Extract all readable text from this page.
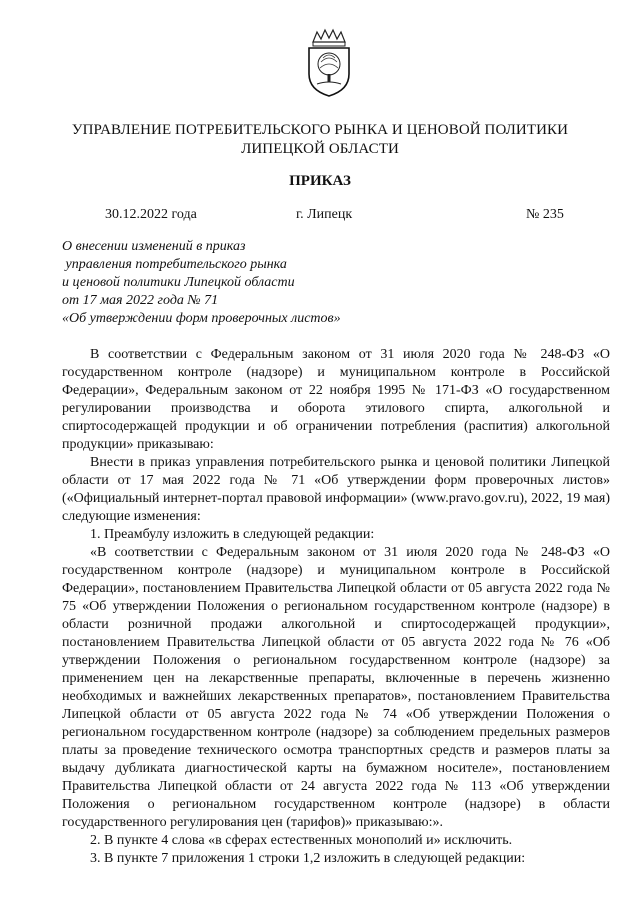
УПРАВЛЕНИЕ ПОТРЕБИТЕЛЬСКОГО РЫНКА И ЦЕНОВОЙ ПОЛИТИКИ
ЛИПЕЦКОЙ ОБЛАСТИ
ПРИКАЗ
30.12.2022 года	г. Липецк	№ 235
О внесении изменений в приказ
управления потребительского рынка
и ценовой политики Липецкой области
от 17 мая 2022 года № 71
«Об утверждении форм проверочных листов»

В соответствии с Федеральным законом от 31 июля 2020 года № 248-ФЗ «О государственном контроле (надзоре) и муниципальном контроле в Российской Федерации», Федеральным законом от 22 ноября 1995 № 171-ФЗ «О государственном регулировании производства и оборота этилового спирта, алкогольной и спиртосодержащей продукции и об ограничении потребления (распития) алкогольной продукции» приказываю:

Внести в приказ управления потребительского рынка и ценовой политики Липецкой области от 17 мая 2022 года № 71 «Об утверждении форм проверочных листов» («Официальный интернет-портал правовой информации» (www.pravo.gov.ru), 2022, 19 мая) следующие изменения:

1. Преамбулу изложить в следующей редакции:

«В соответствии с Федеральным законом от 31 июля 2020 года № 248-ФЗ «О государственном контроле (надзоре) и муниципальном контроле в Российской Федерации», постановлением Правительства Липецкой области от 05 августа 2022 года № 75 «Об утверждении Положения о региональном государственном контроле (надзоре) в области розничной продажи алкогольной и спиртосодержащей продукции», постановлением Правительства Липецкой области от 05 августа 2022 года № 76 «Об утверждении Положения о региональном государственном контроле (надзоре) за применением цен на лекарственные препараты, включенные в перечень жизненно необходимых и важнейших лекарственных препаратов», постановлением Правительства Липецкой области от 05 августа 2022 года № 74 «Об утверждении Положения о региональном государственном контроле (надзоре) за соблюдением предельных размеров платы за проведение технического осмотра транспортных средств и размеров платы за выдачу дубликата диагностической карты на бумажном носителе», постановлением Правительства Липецкой области от 24 августа 2022 года № 113 «Об утверждении Положения о региональном государственном контроле (надзоре) в области государственного регулирования цен (тарифов)» приказываю:».

2. В пункте 4 слова «в сферах естественных монополий и» исключить.

3. В пункте 7 приложения 1 строки 1,2 изложить в следующей редакции:
